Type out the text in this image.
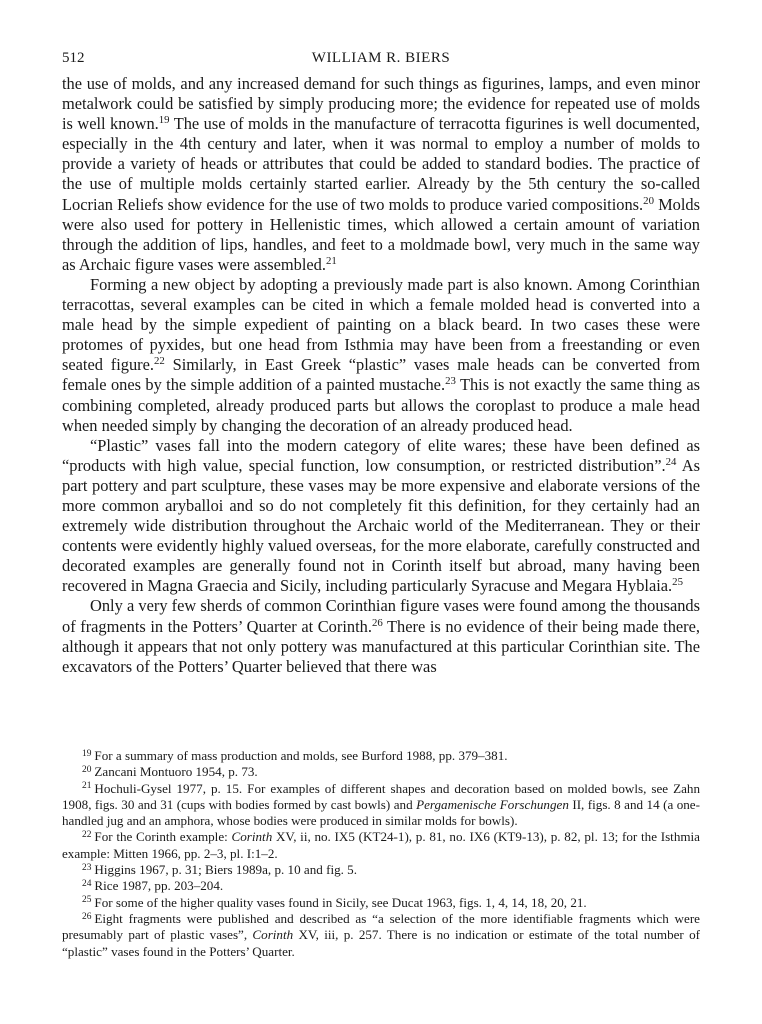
512	WILLIAM R. BIERS

the use of molds, and any increased demand for such things as figurines, lamps, and even minor metalwork could be satisfied by simply producing more; the evidence for repeated use of molds is well known.$^{19}$ The use of molds in the manufacture of terracotta figurines is well documented, especially in the 4th century and later, when it was normal to employ a number of molds to provide a variety of heads or attributes that could be added to standard bodies. The practice of the use of multiple molds certainly started earlier. Already by the 5th century the so-called Locrian Reliefs show evidence for the use of two molds to produce varied compositions.$^{20}$ Molds were also used for pottery in Hellenistic times, which allowed a certain amount of variation through the addition of lips, handles, and feet to a moldmade bowl, very much in the same way as Archaic figure vases were assembled.$^{21}$

Forming a new object by adopting a previously made part is also known. Among Corinthian terracottas, several examples can be cited in which a female molded head is converted into a male head by the simple expedient of painting on a black beard. In two cases these were protomes of pyxides, but one head from Isthmia may have been from a freestanding or even seated figure.$^{22}$ Similarly, in East Greek “plastic” vases male heads can be converted from female ones by the simple addition of a painted mustache.$^{23}$ This is not exactly the same thing as combining completed, already produced parts but allows the coroplast to produce a male head when needed simply by changing the decoration of an already produced head.

“Plastic” vases fall into the modern category of elite wares; these have been defined as “products with high value, special function, low consumption, or restricted distribution”.$^{24}$ As part pottery and part sculpture, these vases may be more expensive and elaborate versions of the more common aryballoi and so do not completely fit this definition, for they certainly had an extremely wide distribution throughout the Archaic world of the Mediterranean. They or their contents were evidently highly valued overseas, for the more elaborate, carefully constructed and decorated examples are generally found not in Corinth itself but abroad, many having been recovered in Magna Graecia and Sicily, including particularly Syracuse and Megara Hyblaia.$^{25}$

Only a very few sherds of common Corinthian figure vases were found among the thousands of fragments in the Potters’ Quarter at Corinth.$^{26}$ There is no evidence of their being made there, although it appears that not only pottery was manufactured at this particular Corinthian site. The excavators of the Potters’ Quarter believed that there was

$^{19}$ For a summary of mass production and molds, see Burford 1988, pp. 379–381.

$^{20}$ Zancani Montuoro 1954, p. 73.

$^{21}$ Hochuli-Gysel 1977, p. 15. For examples of different shapes and decoration based on molded bowls, see Zahn 1908, figs. 30 and 31 (cups with bodies formed by cast bowls) and Pergamenische Forschungen II, figs. 8 and 14 (a one-handled jug and an amphora, whose bodies were produced in similar molds for bowls).

$^{22}$ For the Corinth example: Corinth XV, ii, no. IX5 (KT24-1), p. 81, no. IX6 (KT9-13), p. 82, pl. 13; for the Isthmia example: Mitten 1966, pp. 2–3, pl. I:1–2.

$^{23}$ Higgins 1967, p. 31; Biers 1989a, p. 10 and fig. 5.

$^{24}$ Rice 1987, pp. 203–204.

$^{25}$ For some of the higher quality vases found in Sicily, see Ducat 1963, figs. 1, 4, 14, 18, 20, 21.

$^{26}$ Eight fragments were published and described as “a selection of the more identifiable fragments which were presumably part of plastic vases”, Corinth XV, iii, p. 257. There is no indication or estimate of the total number of “plastic” vases found in the Potters’ Quarter.
